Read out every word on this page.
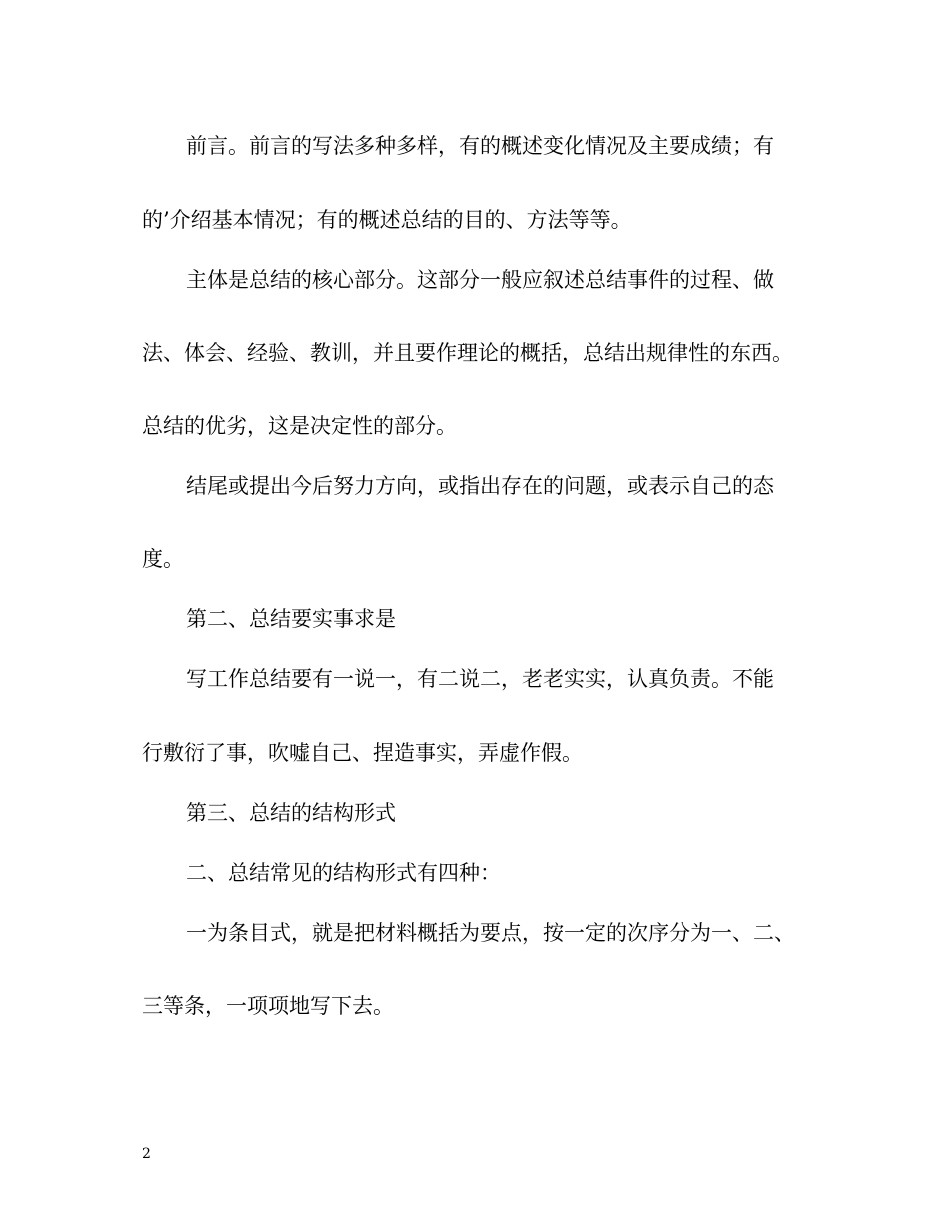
前言。前言的写法多种多样，有的概述变化情况及主要成绩；有
的’介绍基本情况；有的概述总结的目的、方法等等。
主体是总结的核心部分。这部分一般应叙述总结事件的过程、做
法、体会、经验、教训，并且要作理论的概括，总结出规律性的东西。
总结的优劣，这是决定性的部分。
结尾或提出今后努力方向，或指出存在的问题，或表示自己的态
度。
第二、总结要实事求是
写工作总结要有一说一，有二说二，老老实实，认真负责。不能
行敷衍了事，吹嘘自己、捏造事实，弄虚作假。
第三、总结的结构形式
二、总结常见的结构形式有四种：
一为条目式，就是把材料概括为要点，按一定的次序分为一、二、
三等条，一项项地写下去。
2
